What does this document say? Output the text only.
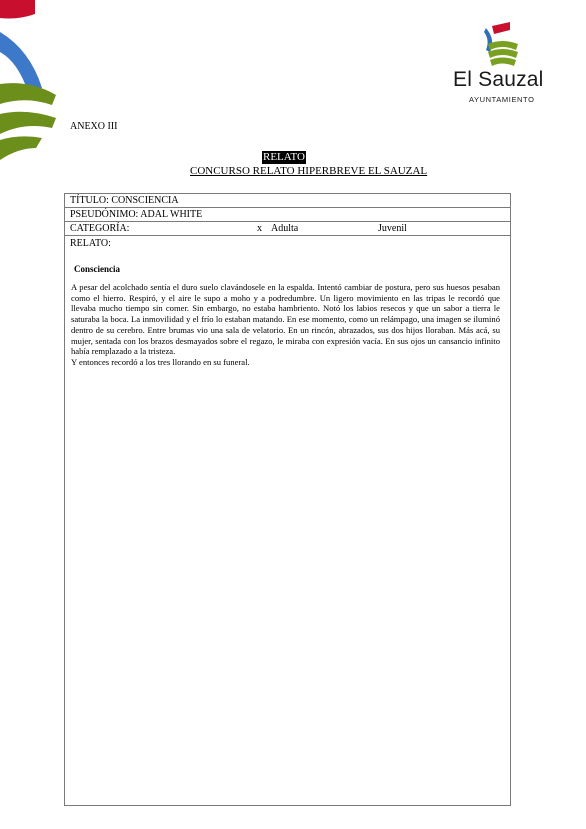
El Sauzal
AYUNTAMIENTO
ANEXO III
RELATO
CONCURSO RELATO HIPERBREVE EL SAUZAL
TÍTULO: CONSCIENCIA
PSEUDÓNIMO: ADAL WHITE
CATEGORÍA:	x Adulta	Juvenil
RELATO:
Consciencia

A pesar del acolchado sentía el duro suelo clavándosele en la espalda. Intentó cambiar de postura, pero sus huesos pesaban como el hierro. Respiró, y el aire le supo a moho y a podredumbre. Un ligero movimiento en las tripas le recordó que llevaba mucho tiempo sin comer. Sin embargo, no estaba hambriento. Notó los labios resecos y que un sabor a tierra le saturaba la boca. La inmovilidad y el frío lo estaban matando. En ese momento, como un relámpago, una imagen se iluminó dentro de su cerebro. Entre brumas vio una sala de velatorio. En un rincón, abrazados, sus dos hijos lloraban. Más acá, su mujer, sentada con los brazos desmayados sobre el regazo, le miraba con expresión vacía. En sus ojos un cansancio infinito había remplazado a la tristeza.

Y entonces recordó a los tres llorando en su funeral.
